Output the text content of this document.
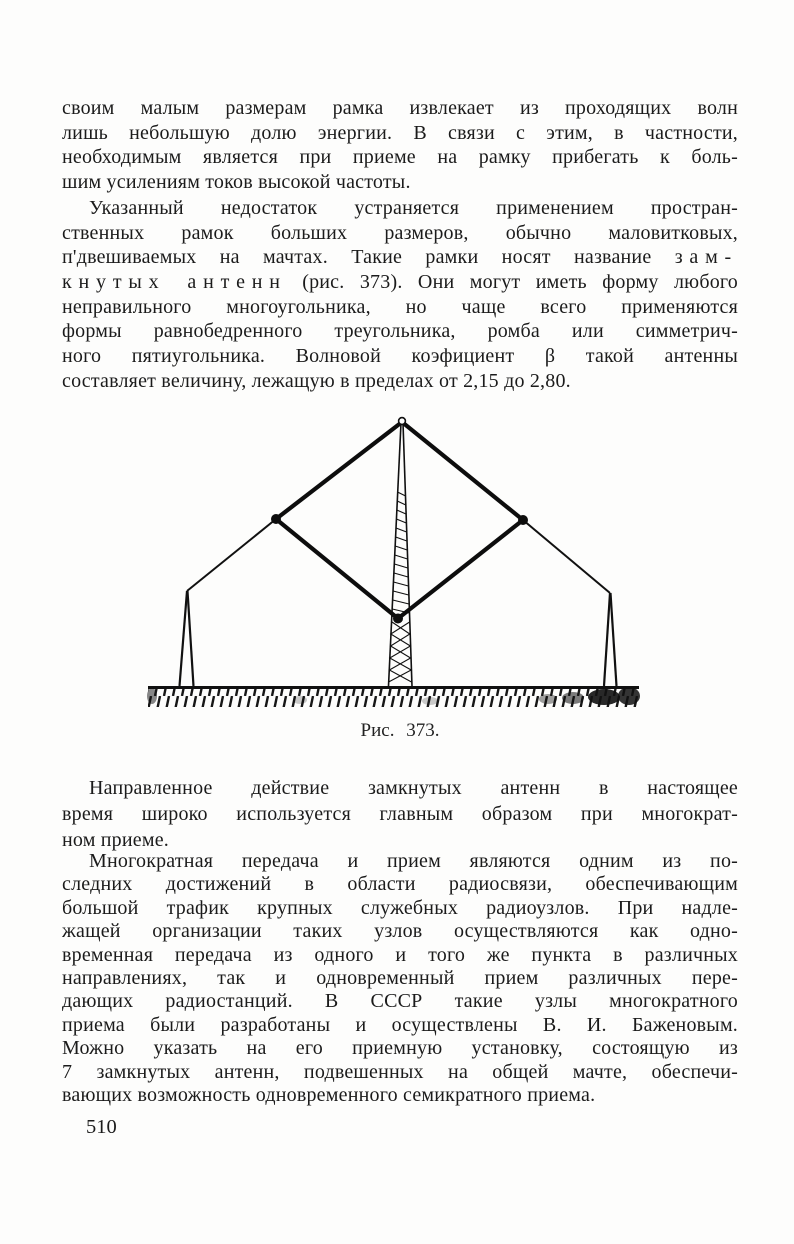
своим малым размерам рамка извлекает из проходящих волн
лишь небольшую долю энергии. В связи с этим, в частности,
необходимым является при приеме на рамку прибегать к боль-
шим усилениям токов высокой частоты.
Указанный недостаток устраняется применением простран-
ственных рамок больших размеров, обычно маловитковых,
п'двешиваемых на мачтах. Такие рамки носят название зам-
кнутых антенн (рис. 373). Они могут иметь форму любого
неправильного многоугольника, но чаще всего применяются
формы равнобедренного треугольника, ромба или симметрич-
ного пятиугольника. Волновой коэфициент β такой антенны
составляет величину, лежащую в пределах от 2,15 до 2,80.
Рис. 373.
Направленное действие замкнутых антенн в настоящее
время широко используется главным образом при многократ-
ном приеме.
Многократная передача и прием являются одним из по-
следних достижений в области радиосвязи, обеспечивающим
большой трафик крупных служебных радиоузлов. При надле-
жащей организации таких узлов осуществляются как одно-
временная передача из одного и того же пункта в различных
направлениях, так и одновременный прием различных пере-
дающих радиостанций. В СССР такие узлы многократного
приема были разработаны и осуществлены В. И. Баженовым.
Можно указать на его приемную установку, состоящую из
7 замкнутых антенн, подвешенных на общей мачте, обеспечи-
вающих возможность одновременного семикратного приема.
510
